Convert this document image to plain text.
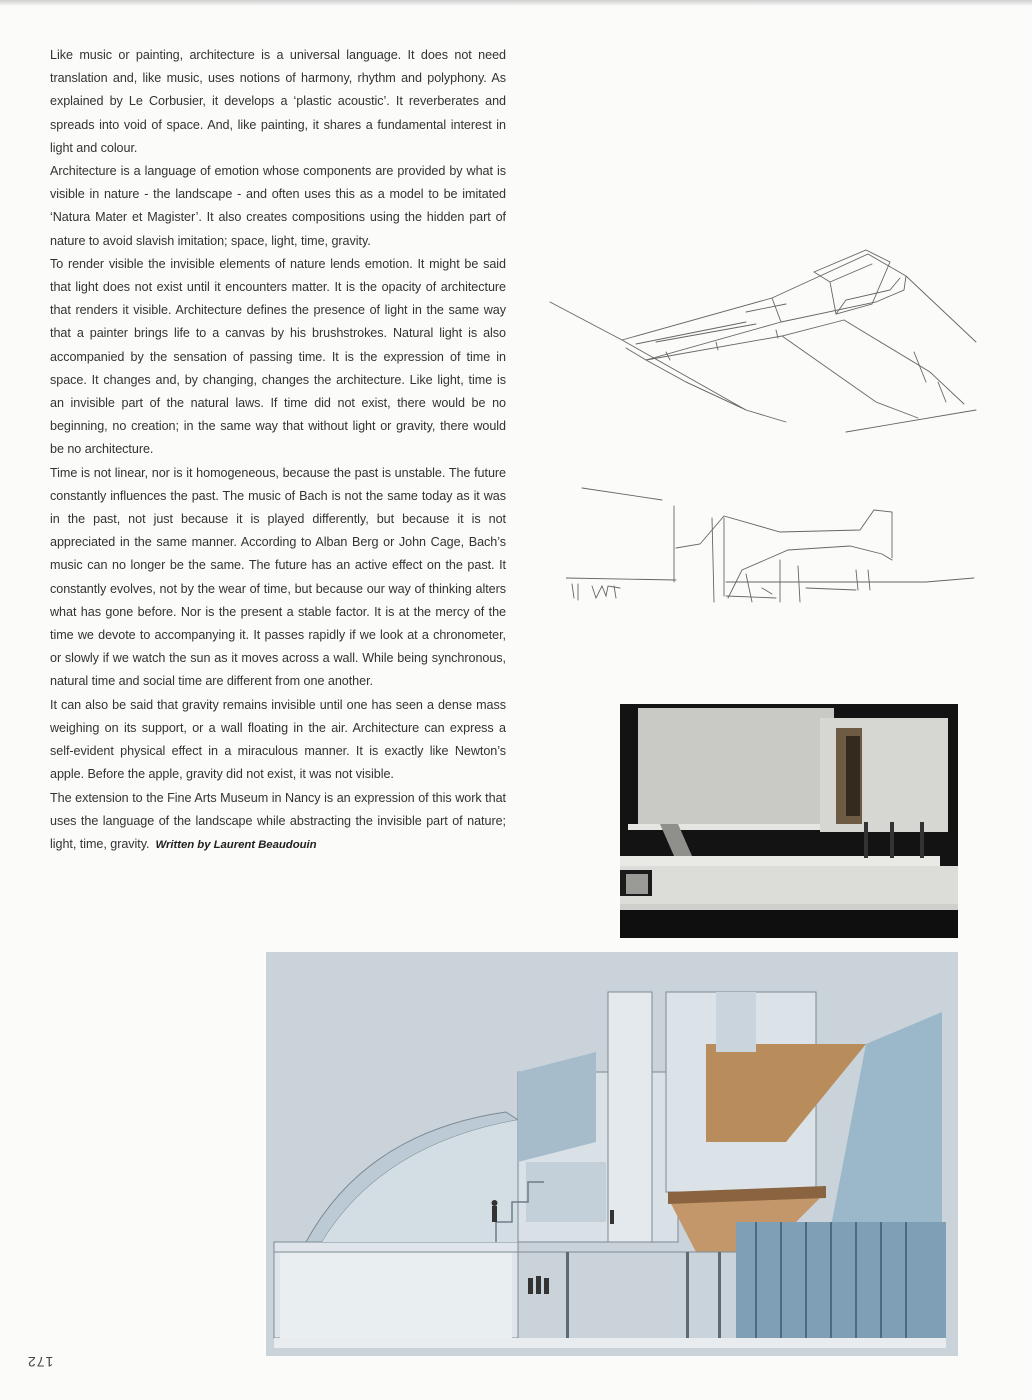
Like music or painting, architecture is a universal language. It does not need translation and, like music, uses notions of harmony, rhythm and polyphony. As explained by Le Corbusier, it develops a ‘plastic acoustic’. It reverberates and spreads into void of space. And, like painting, it shares a fundamental interest in light and colour.

Architecture is a language of emotion whose components are provided by what is visible in nature - the landscape - and often uses this as a model to be imitated ‘Natura Mater et Magister’. It also creates compositions using the hidden part of nature to avoid slavish imitation; space, light, time, gravity.

To render visible the invisible elements of nature lends emotion. It might be said that light does not exist until it encounters matter. It is the opacity of architecture that renders it visible. Architecture defines the presence of light in the same way that a painter brings life to a canvas by his brushstrokes. Natural light is also accompanied by the sensation of passing time. It is the expression of time in space. It changes and, by changing, changes the architecture. Like light, time is an invisible part of the natural laws. If time did not exist, there would be no beginning, no creation; in the same way that without light or gravity, there would be no architecture.

Time is not linear, nor is it homogeneous, because the past is unstable. The future constantly influences the past. The music of Bach is not the same today as it was in the past, not just because it is played differently, but because it is not appreciated in the same manner. According to Alban Berg or John Cage, Bach’s music can no longer be the same. The future has an active effect on the past. It constantly evolves, not by the wear of time, but because our way of thinking alters what has gone before. Nor is the present a stable factor. It is at the mercy of the time we devote to accompanying it. It passes rapidly if we look at a chronometer, or slowly if we watch the sun as it moves across a wall. While being synchronous, natural time and social time are different from one another.

It can also be said that gravity remains invisible until one has seen a dense mass weighing on its support, or a wall floating in the air. Architecture can express a self-evident physical effect in a miraculous manner. It is exactly like Newton’s apple. Before the apple, gravity did not exist, it was not visible.

The extension to the Fine Arts Museum in Nancy is an expression of this work that uses the language of the landscape while abstracting the invisible part of nature; light, time, gravity. Written by Laurent Beaudouin

172
